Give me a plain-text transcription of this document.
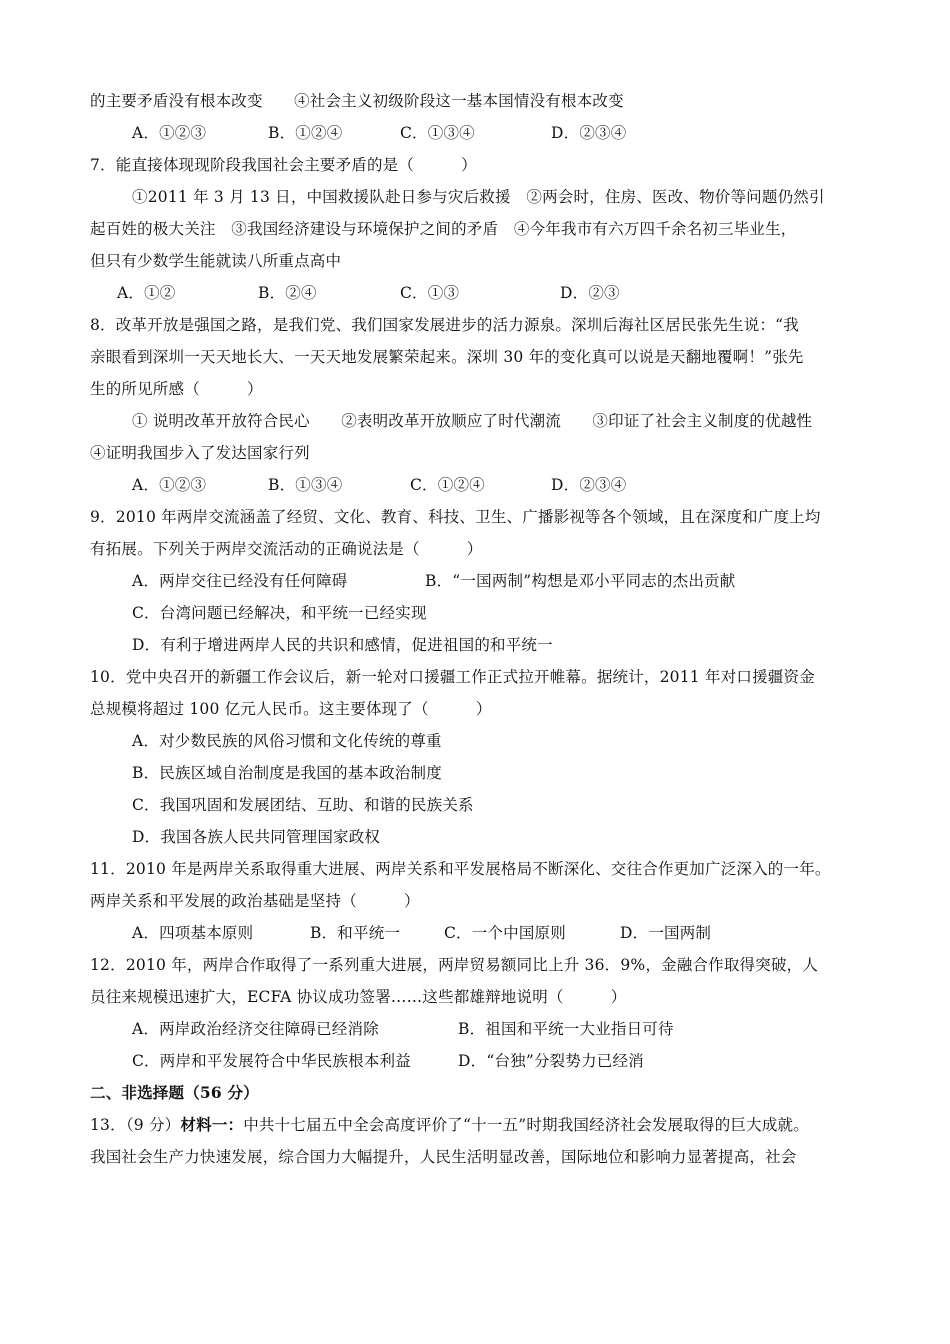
的主要矛盾没有根本改变　　④社会主义初级阶段这一基本国情没有根本改变
A．①②③	B．①②④	C．①③④	D．②③④
7．能直接体现现阶段我国社会主要矛盾的是（　　　）
①2011 年 3 月 13 日，中国救援队赴日参与灾后救援　②两会时，住房、医改、物价等问题仍然引
起百姓的极大关注　③我国经济建设与环境保护之间的矛盾　④今年我市有六万四千余名初三毕业生，
但只有少数学生能就读八所重点高中
A．①②	B．②④	C．①③	D．②③
8．改革开放是强国之路，是我们党、我们国家发展进步的活力源泉。深圳后海社区居民张先生说：“我
亲眼看到深圳一天天地长大、一天天地发展繁荣起来。深圳 30 年的变化真可以说是天翻地覆啊！”张先
生的所见所感（　　　）
① 说明改革开放符合民心　　②表明改革开放顺应了时代潮流　　③印证了社会主义制度的优越性
④证明我国步入了发达国家行列
A．①②③	B．①③④	C．①②④	D．②③④
9．2010 年两岸交流涵盖了经贸、文化、教育、科技、卫生、广播影视等各个领域，且在深度和广度上均
有拓展。下列关于两岸交流活动的正确说法是（　　　）
A．两岸交往已经没有任何障碍	B．“一国两制”构想是邓小平同志的杰出贡献
C．台湾问题已经解决，和平统一已经实现
D．有利于增进两岸人民的共识和感情，促进祖国的和平统一
10．党中央召开的新疆工作会议后，新一轮对口援疆工作正式拉开帷幕。据统计，2011 年对口援疆资金
总规模将超过 100 亿元人民币。这主要体现了（　　　）
A．对少数民族的风俗习惯和文化传统的尊重
B．民族区域自治制度是我国的基本政治制度
C．我国巩固和发展团结、互助、和谐的民族关系
D．我国各族人民共同管理国家政权
11．2010 年是两岸关系取得重大进展、两岸关系和平发展格局不断深化、交往合作更加广泛深入的一年。
两岸关系和平发展的政治基础是坚持（　　　）
A．四项基本原则	B．和平统一	C．一个中国原则	D．一国两制
12．2010 年，两岸合作取得了一系列重大进展，两岸贸易额同比上升 36．9%，金融合作取得突破，人
员往来规模迅速扩大，ECFA 协议成功签署……这些都雄辩地说明（　　　）
A．两岸政治经济交往障碍已经消除	B．祖国和平统一大业指日可待
C．两岸和平发展符合中华民族根本利益	D．“台独”分裂势力已经消
二、非选择题（56 分）
13．（9 分）材料一：中共十七届五中全会高度评价了“十一五”时期我国经济社会发展取得的巨大成就。
我国社会生产力快速发展，综合国力大幅提升，人民生活明显改善，国际地位和影响力显著提高，社会
